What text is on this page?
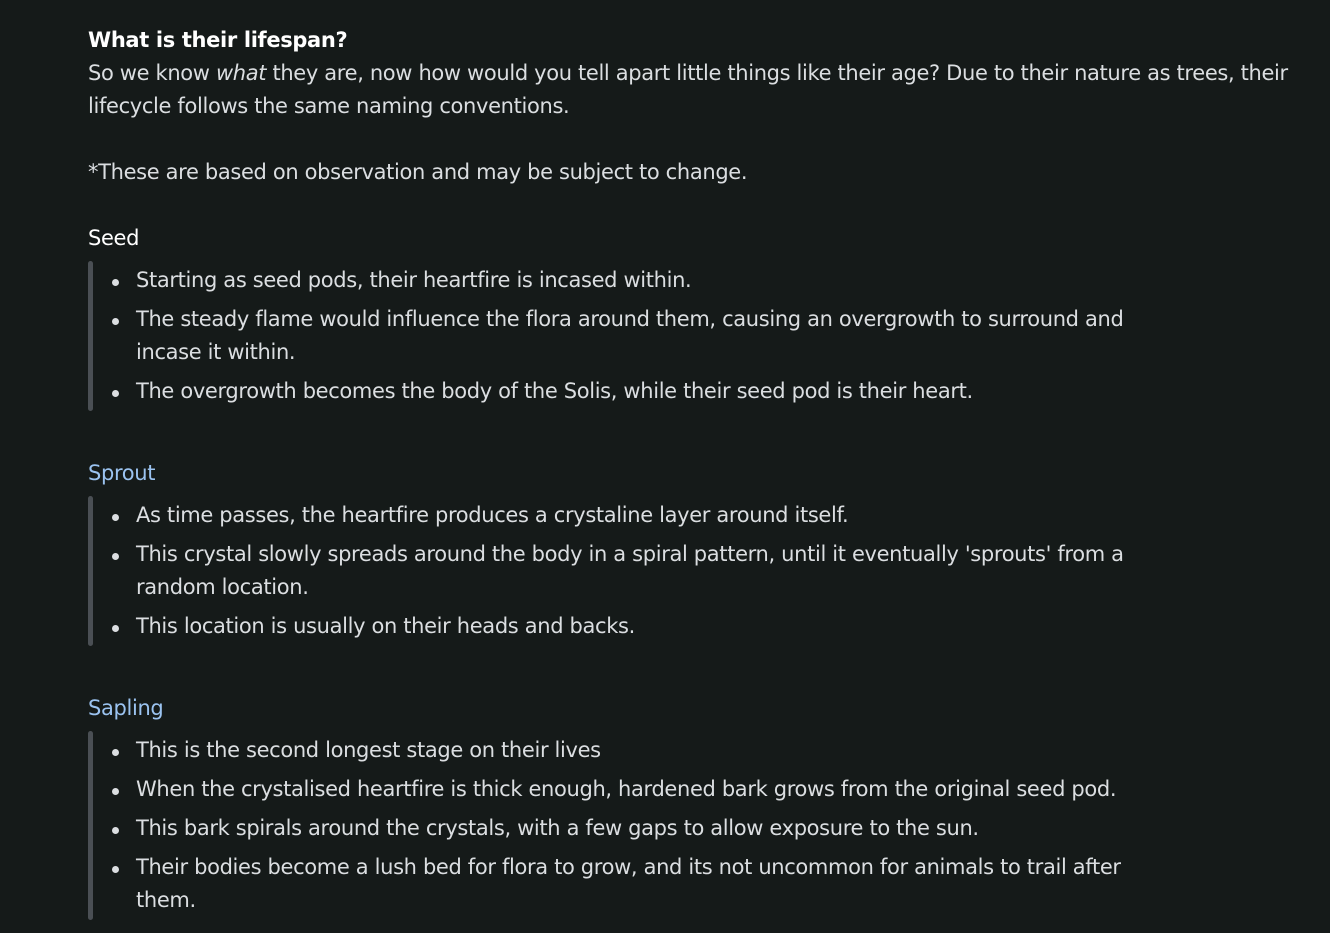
What is their lifespan?

So we know what they are, now how would you tell apart little things like their age? Due to their nature as trees, their lifecycle follows the same naming conventions.

*These are based on observation and may be subject to change.
Seed
Starting as seed pods, their heartfire is incased within.
The steady flame would influence the flora around them, causing an overgrowth to surround and incase it within.
The overgrowth becomes the body of the Solis, while their seed pod is their heart.
Sprout
As time passes, the heartfire produces a crystaline layer around itself.
This crystal slowly spreads around the body in a spiral pattern, until it eventually 'sprouts' from a random location.
This location is usually on their heads and backs.
Sapling
This is the second longest stage on their lives
When the crystalised heartfire is thick enough, hardened bark grows from the original seed pod.
This bark spirals around the crystals, with a few gaps to allow exposure to the sun.
Their bodies become a lush bed for flora to grow, and its not uncommon for animals to trail after them.
